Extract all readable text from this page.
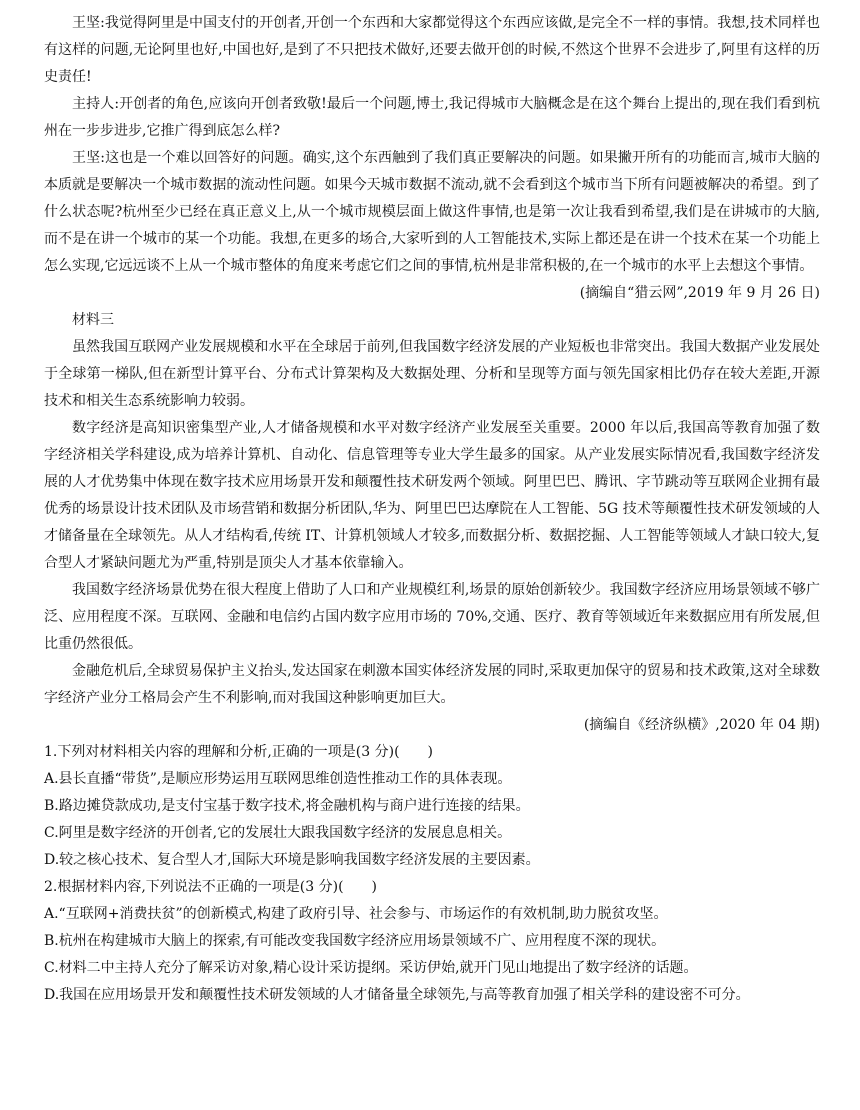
王坚:我觉得阿里是中国支付的开创者,开创一个东西和大家都觉得这个东西应该做,是完全不一样的事情。我想,技术同样也有这样的问题,无论阿里也好,中国也好,是到了不只把技术做好,还要去做开创的时候,不然这个世界不会进步了,阿里有这样的历史责任!

主持人:开创者的角色,应该向开创者致敬!最后一个问题,博士,我记得城市大脑概念是在这个舞台上提出的,现在我们看到杭州在一步步进步,它推广得到底怎么样?

王坚:这也是一个难以回答好的问题。确实,这个东西触到了我们真正要解决的问题。如果撇开所有的功能而言,城市大脑的本质就是要解决一个城市数据的流动性问题。如果今天城市数据不流动,就不会看到这个城市当下所有问题被解决的希望。到了什么状态呢?杭州至少已经在真正意义上,从一个城市规模层面上做这件事情,也是第一次让我看到希望,我们是在讲城市的大脑,而不是在讲一个城市的某一个功能。我想,在更多的场合,大家听到的人工智能技术,实际上都还是在讲一个技术在某一个功能上怎么实现,它远远谈不上从一个城市整体的角度来考虑它们之间的事情,杭州是非常积极的,在一个城市的水平上去想这个事情。

(摘编自“猎云网”,2019 年 9 月 26 日)

材料三

虽然我国互联网产业发展规模和水平在全球居于前列,但我国数字经济发展的产业短板也非常突出。我国大数据产业发展处于全球第一梯队,但在新型计算平台、分布式计算架构及大数据处理、分析和呈现等方面与领先国家相比仍存在较大差距,开源技术和相关生态系统影响力较弱。

数字经济是高知识密集型产业,人才储备规模和水平对数字经济产业发展至关重要。2000 年以后,我国高等教育加强了数字经济相关学科建设,成为培养计算机、自动化、信息管理等专业大学生最多的国家。从产业发展实际情况看,我国数字经济发展的人才优势集中体现在数字技术应用场景开发和颠覆性技术研发两个领域。阿里巴巴、腾讯、字节跳动等互联网企业拥有最优秀的场景设计技术团队及市场营销和数据分析团队,华为、阿里巴巴达摩院在人工智能、5G 技术等颠覆性技术研发领域的人才储备量在全球领先。从人才结构看,传统 IT、计算机领域人才较多,而数据分析、数据挖掘、人工智能等领域人才缺口较大,复合型人才紧缺问题尤为严重,特别是顶尖人才基本依靠输入。

我国数字经济场景优势在很大程度上借助了人口和产业规模红利,场景的原始创新较少。我国数字经济应用场景领域不够广泛、应用程度不深。互联网、金融和电信约占国内数字应用市场的 70%,交通、医疗、教育等领域近年来数据应用有所发展,但比重仍然很低。

金融危机后,全球贸易保护主义抬头,发达国家在刺激本国实体经济发展的同时,采取更加保守的贸易和技术政策,这对全球数字经济产业分工格局会产生不利影响,而对我国这种影响更加巨大。

(摘编自《经济纵横》,2020 年 04 期)

1.下列对材料相关内容的理解和分析,正确的一项是(3 分)(　　)

A.县长直播“带货”,是顺应形势运用互联网思维创造性推动工作的具体表现。

B.路边摊贷款成功,是支付宝基于数字技术,将金融机构与商户进行连接的结果。

C.阿里是数字经济的开创者,它的发展壮大跟我国数字经济的发展息息相关。

D.较之核心技术、复合型人才,国际大环境是影响我国数字经济发展的主要因素。

2.根据材料内容,下列说法不正确的一项是(3 分)(　　)

A.“互联网+消费扶贫”的创新模式,构建了政府引导、社会参与、市场运作的有效机制,助力脱贫攻坚。

B.杭州在构建城市大脑上的探索,有可能改变我国数字经济应用场景领域不广、应用程度不深的现状。

C.材料二中主持人充分了解采访对象,精心设计采访提纲。采访伊始,就开门见山地提出了数字经济的话题。

D.我国在应用场景开发和颠覆性技术研发领域的人才储备量全球领先,与高等教育加强了相关学科的建设密不可分。
